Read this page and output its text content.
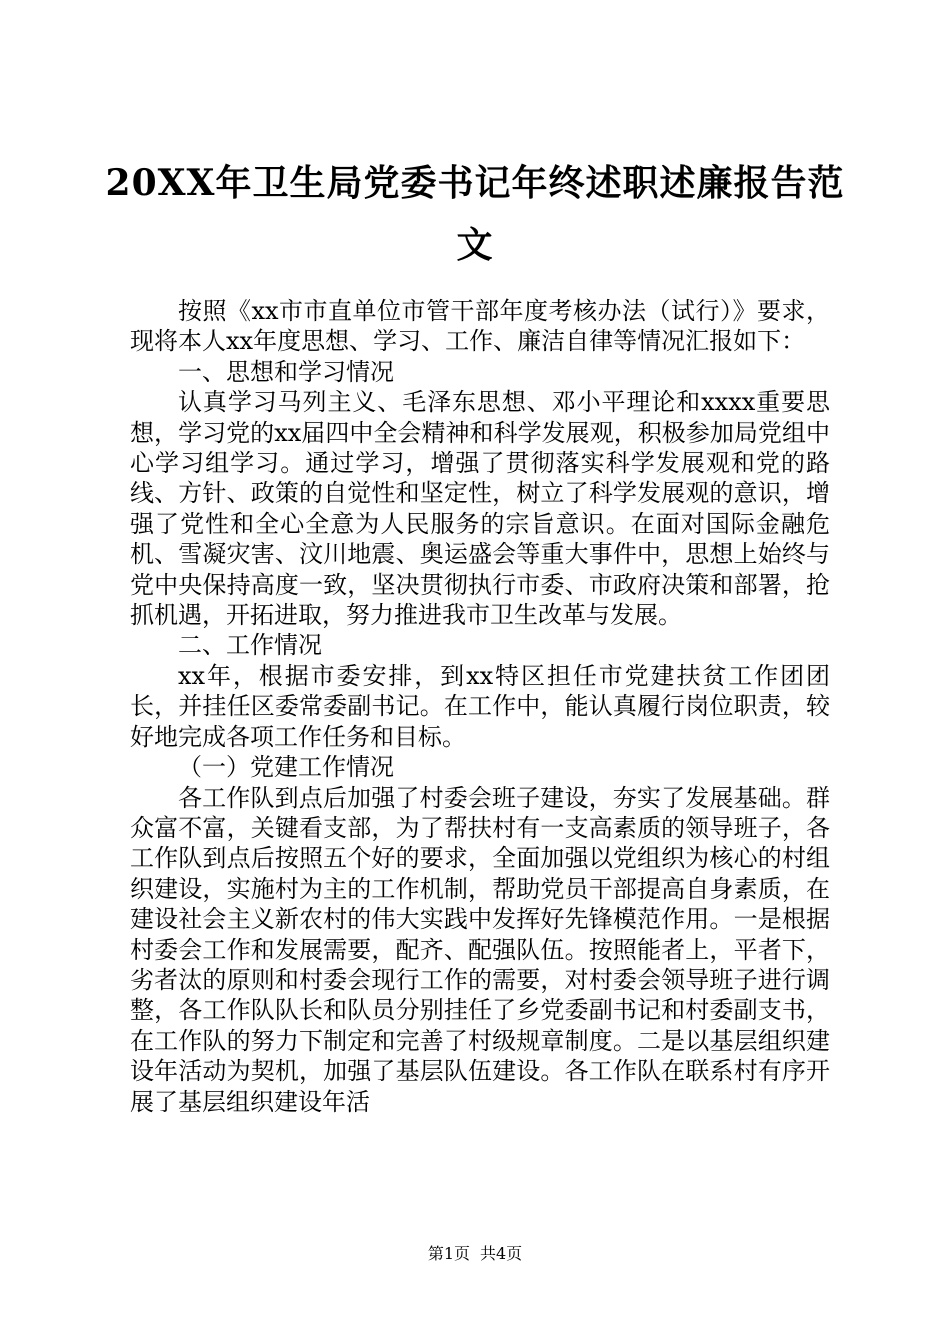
20XX年卫生局党委书记年终述职述廉报告范
文

按照《xx市市直单位市管干部年度考核办法（试行）》要求，现将本人xx年度思想、学习、工作、廉洁自律等情况汇报如下：

一、思想和学习情况

认真学习马列主义、毛泽东思想、邓小平理论和xxxx重要思想，学习党的xx届四中全会精神和科学发展观，积极参加局党组中心学习组学习。通过学习，增强了贯彻落实科学发展观和党的路线、方针、政策的自觉性和坚定性，树立了科学发展观的意识，增强了党性和全心全意为人民服务的宗旨意识。在面对国际金融危机、雪凝灾害、汶川地震、奥运盛会等重大事件中，思想上始终与党中央保持高度一致，坚决贯彻执行市委、市政府决策和部署，抢抓机遇，开拓进取，努力推进我市卫生改革与发展。

二、工作情况

xx年，根据市委安排，到xx特区担任市党建扶贫工作团团长，并挂任区委常委副书记。在工作中，能认真履行岗位职责，较好地完成各项工作任务和目标。

（一）党建工作情况

各工作队到点后加强了村委会班子建设，夯实了发展基础。群众富不富，关键看支部，为了帮扶村有一支高素质的领导班子，各工作队到点后按照五个好的要求，全面加强以党组织为核心的村组织建设，实施村为主的工作机制，帮助党员干部提高自身素质，在建设社会主义新农村的伟大实践中发挥好先锋模范作用。一是根据村委会工作和发展需要，配齐、配强队伍。按照能者上，平者下，劣者汰的原则和村委会现行工作的需要，对村委会领导班子进行调整，各工作队队长和队员分别挂任了乡党委副书记和村委副支书，在工作队的努力下制定和完善了村级规章制度。二是以基层组织建设年活动为契机，加强了基层队伍建设。各工作队在联系村有序开展了基层组织建设年活

第1页 共4页
